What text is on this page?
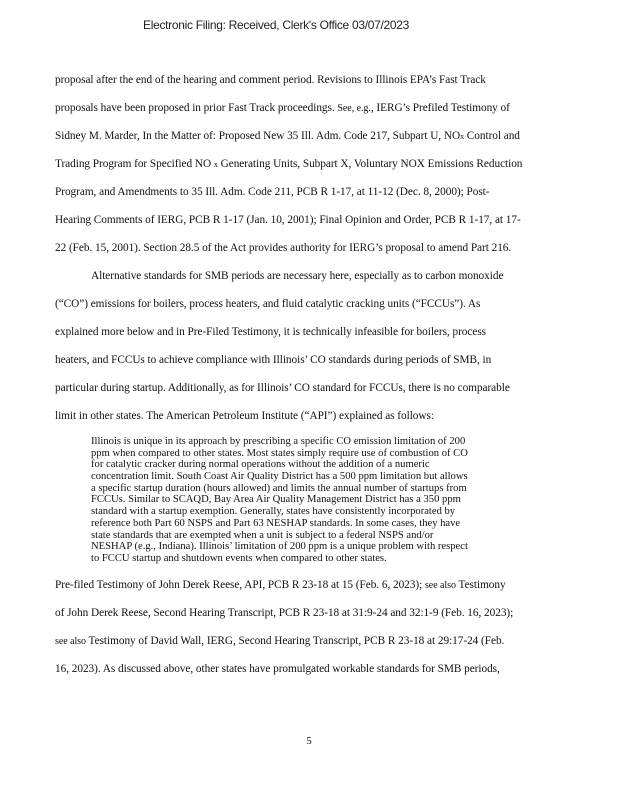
Electronic Filing: Received, Clerk's Office 03/07/2023
proposal after the end of the hearing and comment period. Revisions to Illinois EPA’s Fast Track
proposals have been proposed in prior Fast Track proceedings. See, e.g., IERG’s Prefiled Testimony of
Sidney M. Marder, In the Matter of: Proposed New 35 Ill. Adm. Code 217, Subpart U, NOx Control and
Trading Program for Specified NO x Generating Units, Subpart X, Voluntary NOX Emissions Reduction
Program, and Amendments to 35 Ill. Adm. Code 211, PCB R 1-17, at 11-12 (Dec. 8, 2000); Post-
Hearing Comments of IERG, PCB R 1-17 (Jan. 10, 2001); Final Opinion and Order, PCB R 1-17, at 17-
22 (Feb. 15, 2001). Section 28.5 of the Act provides authority for IERG’s proposal to amend Part 216.
Alternative standards for SMB periods are necessary here, especially as to carbon monoxide
(“CO”) emissions for boilers, process heaters, and fluid catalytic cracking units (“FCCUs”). As
explained more below and in Pre-Filed Testimony, it is technically infeasible for boilers, process
heaters, and FCCUs to achieve compliance with Illinois’ CO standards during periods of SMB, in
particular during startup. Additionally, as for Illinois’ CO standard for FCCUs, there is no comparable
limit in other states. The American Petroleum Institute (“API”) explained as follows:
Illinois is unique in its approach by prescribing a specific CO emission limitation of 200
ppm when compared to other states. Most states simply require use of combustion of CO
for catalytic cracker during normal operations without the addition of a numeric
concentration limit. South Coast Air Quality District has a 500 ppm limitation but allows
a specific startup duration (hours allowed) and limits the annual number of startups from
FCCUs. Similar to SCAQD, Bay Area Air Quality Management District has a 350 ppm
standard with a startup exemption. Generally, states have consistently incorporated by
reference both Part 60 NSPS and Part 63 NESHAP standards. In some cases, they have
state standards that are exempted when a unit is subject to a federal NSPS and/or
NESHAP (e.g., Indiana). Illinois’ limitation of 200 ppm is a unique problem with respect
to FCCU startup and shutdown events when compared to other states.
Pre-filed Testimony of John Derek Reese, API, PCB R 23-18 at 15 (Feb. 6, 2023); see also Testimony
of John Derek Reese, Second Hearing Transcript, PCB R 23-18 at 31:9-24 and 32:1-9 (Feb. 16, 2023);
see also Testimony of David Wall, IERG, Second Hearing Transcript, PCB R 23-18 at 29:17-24 (Feb.
16, 2023). As discussed above, other states have promulgated workable standards for SMB periods,
5
